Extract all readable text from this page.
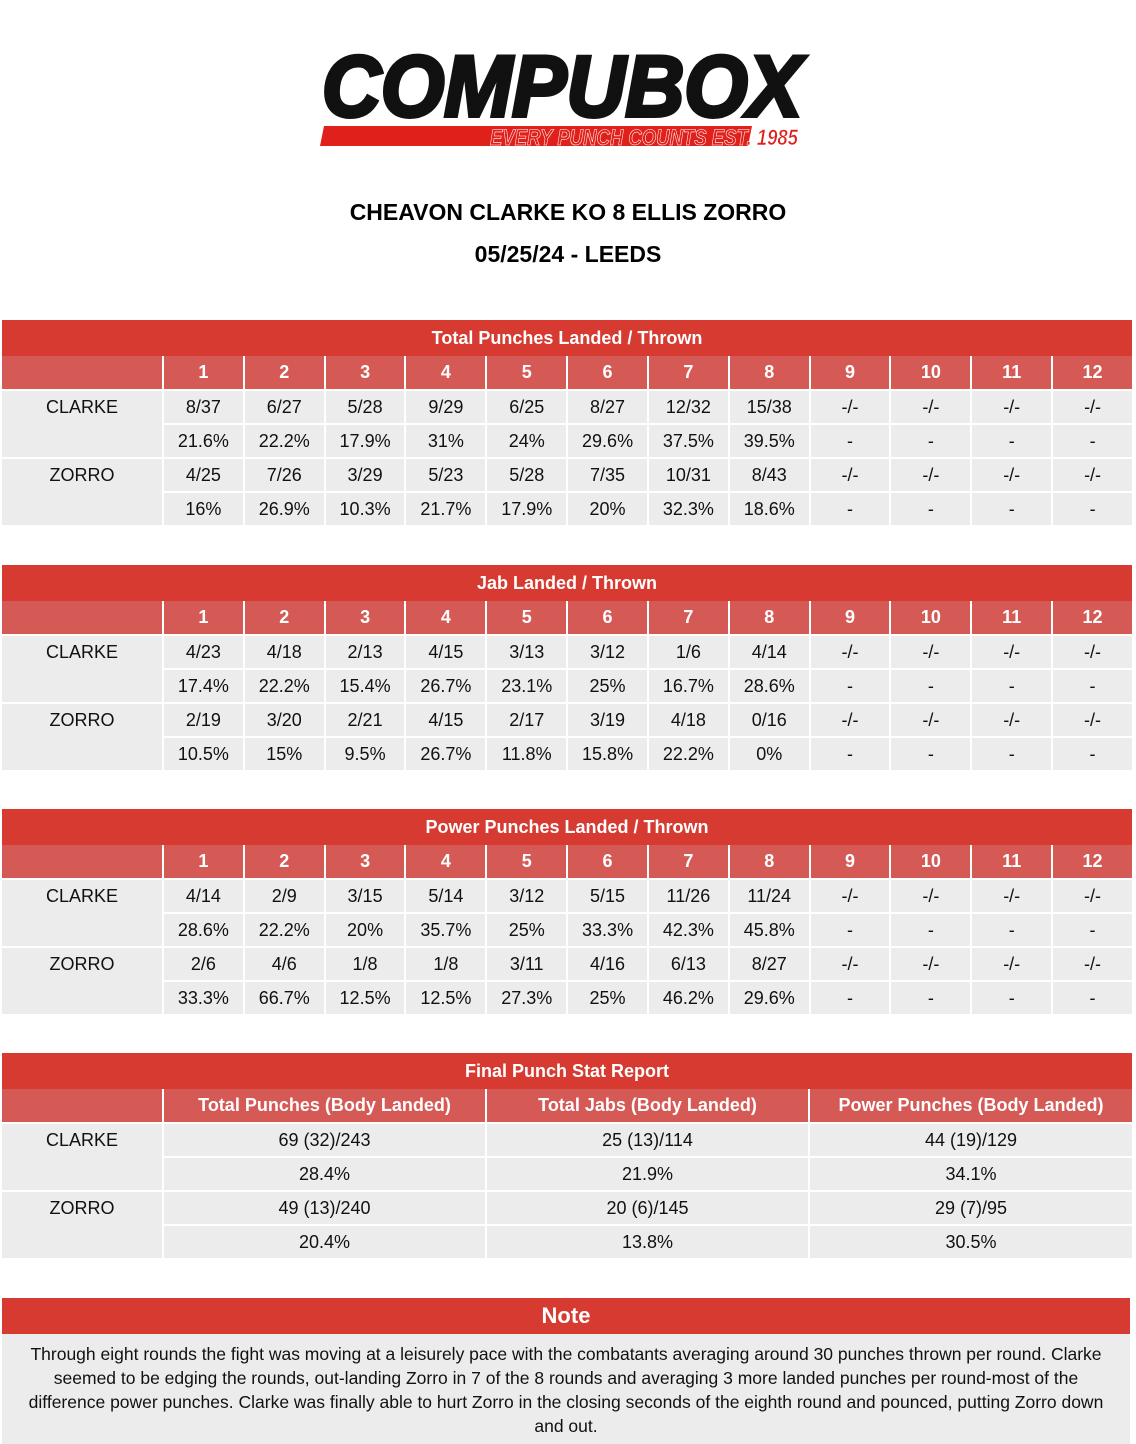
COMPUBOX
EVERY PUNCH COUNTS EST. 1985
CHEAVON CLARKE KO 8 ELLIS ZORRO
05/25/24 - LEEDS
Total Punches Landed / Thrown												
	1	2	3	4	5	6	7	8	9	10	11	12
CLARKE	8/37	6/27	5/28	9/29	6/25	8/27	12/32	15/38	-/-	-/-	-/-	-/-
	21.6%	22.2%	17.9%	31%	24%	29.6%	37.5%	39.5%	-	-	-	-
ZORRO	4/25	7/26	3/29	5/23	5/28	7/35	10/31	8/43	-/-	-/-	-/-	-/-
	16%	26.9%	10.3%	21.7%	17.9%	20%	32.3%	18.6%	-	-	-	-
Jab Landed / Thrown												
	1	2	3	4	5	6	7	8	9	10	11	12
CLARKE	4/23	4/18	2/13	4/15	3/13	3/12	1/6	4/14	-/-	-/-	-/-	-/-
	17.4%	22.2%	15.4%	26.7%	23.1%	25%	16.7%	28.6%	-	-	-	-
ZORRO	2/19	3/20	2/21	4/15	2/17	3/19	4/18	0/16	-/-	-/-	-/-	-/-
	10.5%	15%	9.5%	26.7%	11.8%	15.8%	22.2%	0%	-	-	-	-
Power Punches Landed / Thrown												
	1	2	3	4	5	6	7	8	9	10	11	12
CLARKE	4/14	2/9	3/15	5/14	3/12	5/15	11/26	11/24	-/-	-/-	-/-	-/-
	28.6%	22.2%	20%	35.7%	25%	33.3%	42.3%	45.8%	-	-	-	-
ZORRO	2/6	4/6	1/8	1/8	3/11	4/16	6/13	8/27	-/-	-/-	-/-	-/-
	33.3%	66.7%	12.5%	12.5%	27.3%	25%	46.2%	29.6%	-	-	-	-
Final Punch Stat Report			
	Total Punches (Body Landed)	Total Jabs (Body Landed)	Power Punches (Body Landed)
CLARKE	69 (32)/243	25 (13)/114	44 (19)/129
	28.4%	21.9%	34.1%
ZORRO	49 (13)/240	20 (6)/145	29 (7)/95
	20.4%	13.8%	30.5%
Note
Through eight rounds the fight was moving at a leisurely pace with the combatants averaging around 30 punches thrown per round. Clarke seemed to be edging the rounds, out-landing Zorro in 7 of the 8 rounds and averaging 3 more landed punches per round-most of the difference power punches. Clarke was finally able to hurt Zorro in the closing seconds of the eighth round and pounced, putting Zorro down and out.
